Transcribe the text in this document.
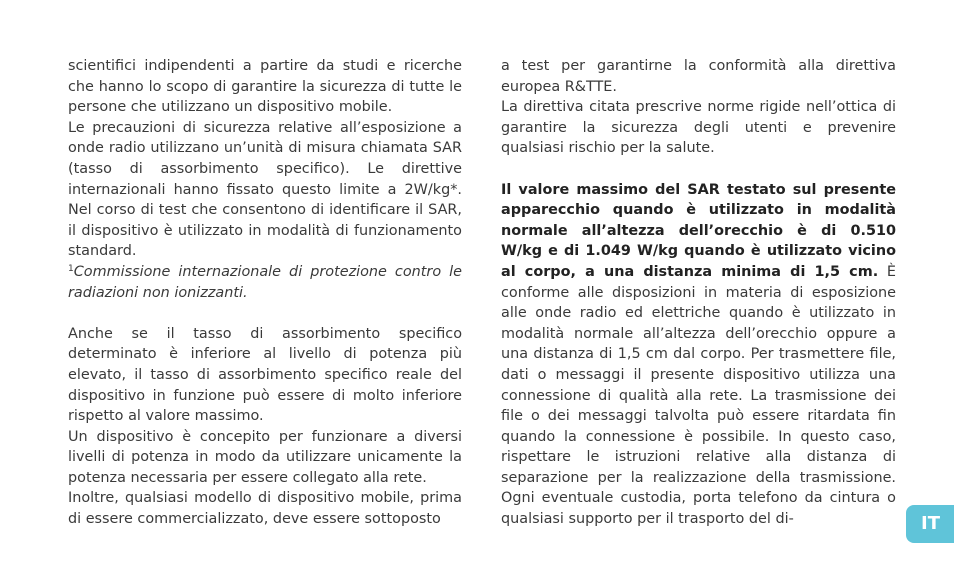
scientifici indipendenti a partire da studi e ricerche che hanno lo scopo di garantire la sicurezza di tutte le persone che utilizzano un dispositivo mobile.

Le precauzioni di sicurezza relative all’esposizione a onde radio utilizzano un’unità di misura chiamata SAR (tasso di assorbimento specifico). Le direttive internazionali hanno fissato questo limite a 2W/kg*. Nel corso di test che consentono di identificare il SAR, il dispositivo è utilizzato in modalità di funzionamento standard.

$^1$Commissione internazionale di protezione contro le radiazioni non ionizzanti.

Anche se il tasso di assorbimento specifico determinato è inferiore al livello di potenza più elevato, il tasso di assorbimento specifico reale del dispositivo in funzione può essere di molto inferiore rispetto al valore massimo.

Un dispositivo è concepito per funzionare a diversi livelli di potenza in modo da utilizzare unicamente la potenza necessaria per essere collegato alla rete.

Inoltre, qualsiasi modello di dispositivo mobile, prima di essere commercializzato, deve essere sottoposto

a test per garantirne la conformità alla direttiva europea R&TTE.

La direttiva citata prescrive norme rigide nell’ottica di garantire la sicurezza degli utenti e prevenire qualsiasi rischio per la salute.

Il valore massimo del SAR testato sul presente apparecchio quando è utilizzato in modalità normale all’altezza dell’orecchio è di 0.510 W/kg e di 1.049 W/kg quando è utilizzato vicino al corpo, a una distanza minima di 1,5 cm. È conforme alle disposizioni in materia di esposizione alle onde radio ed elettriche quando è utilizzato in modalità normale all’altezza dell’orecchio oppure a una distanza di 1,5 cm dal corpo. Per trasmettere file, dati o messaggi il presente dispositivo utilizza una connessione di qualità alla rete. La trasmissione dei file o dei messaggi talvolta può essere ritardata fin quando la connessione è possibile. In questo caso, rispettare le istruzioni relative alla distanza di separazione per la realizzazione della trasmissione. Ogni eventuale custodia, porta telefono da cintura o qualsiasi supporto per il trasporto del di-	IT
